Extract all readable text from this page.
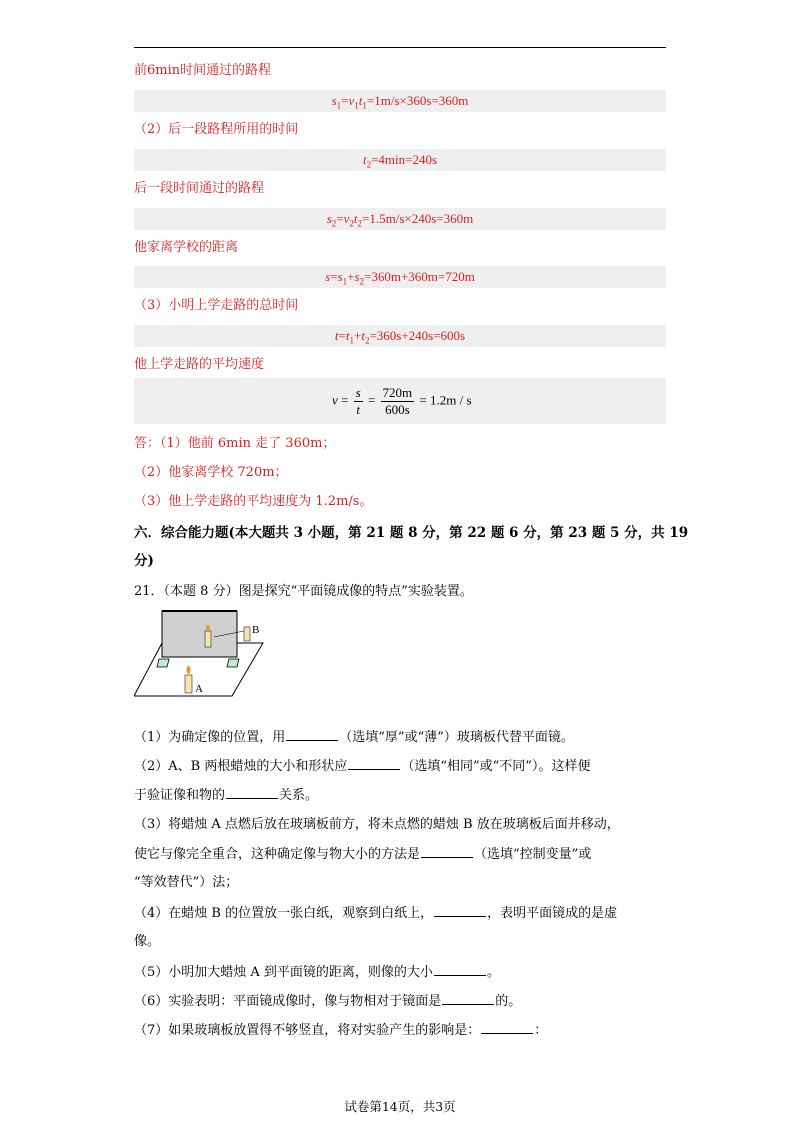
前6min时间通过的路程
$s_1=v_1t_1=1m/s\times 360s=360m$
（2）后一段路程所用的时间
$t_2=4\min=240s$
后一段时间通过的路程
$s_2=v_2t_2=1.5m/s\times 240s=360m$
他家离学校的距离
$s=s_1+s_2=360m+360m=720m$
（3）小明上学走路的总时间
$t=t_1+t_2=360s+240s=600s$
他上学走路的平均速度
$v = \frac{s}{t} = \frac{720m}{600s} = 1.2m / s$
答：（1）他前 6min 走了 360m；
（2）他家离学校 720m；
（3）他上学走路的平均速度为 1.2m/s。
六．综合能力题(本大题共 3 小题，第 21 题 8 分，第 22 题 6 分，第 23 题 5 分，共 19
分)
21．（本题 8 分）图是探究“平面镜成像的特点”实验装置。
B
A
（1）为确定像的位置，用	（选填“厚”或“薄”）玻璃板代替平面镜。
（2）A、B 两根蜡烛的大小和形状应	（选填“相同”或“不同”）。这样便
于验证像和物的	关系。
（3）将蜡烛 A 点燃后放在玻璃板前方，将未点燃的蜡烛 B 放在玻璃板后面并移动，
使它与像完全重合，这种确定像与物大小的方法是	（选填“控制变量”或
“等效替代”）法；
（4）在蜡烛 B 的位置放一张白纸，观察到白纸上，	，表明平面镜成的是虚
像。
（5）小明加大蜡烛 A 到平面镜的距离，则像的大小	。
（6）实验表明：平面镜成像时，像与物相对于镜面是	的。
（7）如果玻璃板放置得不够竖直，将对实验产生的影响是：	：
试卷第14页，共3页
